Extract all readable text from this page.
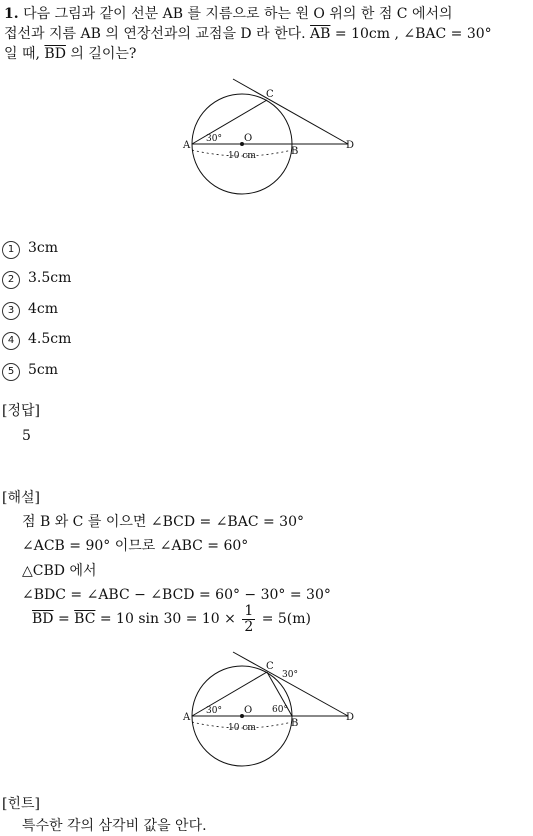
1. 다음 그림과 같이 선분 AB 를 지름으로 하는 원 O 위의 한 점 C 에서의
접선과 지름 AB 의 연장선과의 교점을 D 라 한다. $\overline{AB} = 10cm$ , ∠BAC = 30°
일 때, $\overline{BD}$ 의 길이는?
A
C
B
D
O
30°
10 cm
1 3cm
2 3.5cm
3 4cm
4 4.5cm
5 5cm
[정답]
5
[해설]
점 B 와 C 를 이으면 ∠BCD = ∠BAC = 30°
∠ACB = 90° 이므로 ∠ABC = 60°
△CBD 에서
∠BDC = ∠ABC − ∠BCD = 60° − 30° = 30°
$\overline{BD} = \overline{BC} = 10$ $\sin 30 = 10 \times \frac{1}{2} = 5(m)$
A
C
B
D
O
30°	60°
30°
10 cm
[힌트]
특수한 각의 삼각비 값을 안다.
